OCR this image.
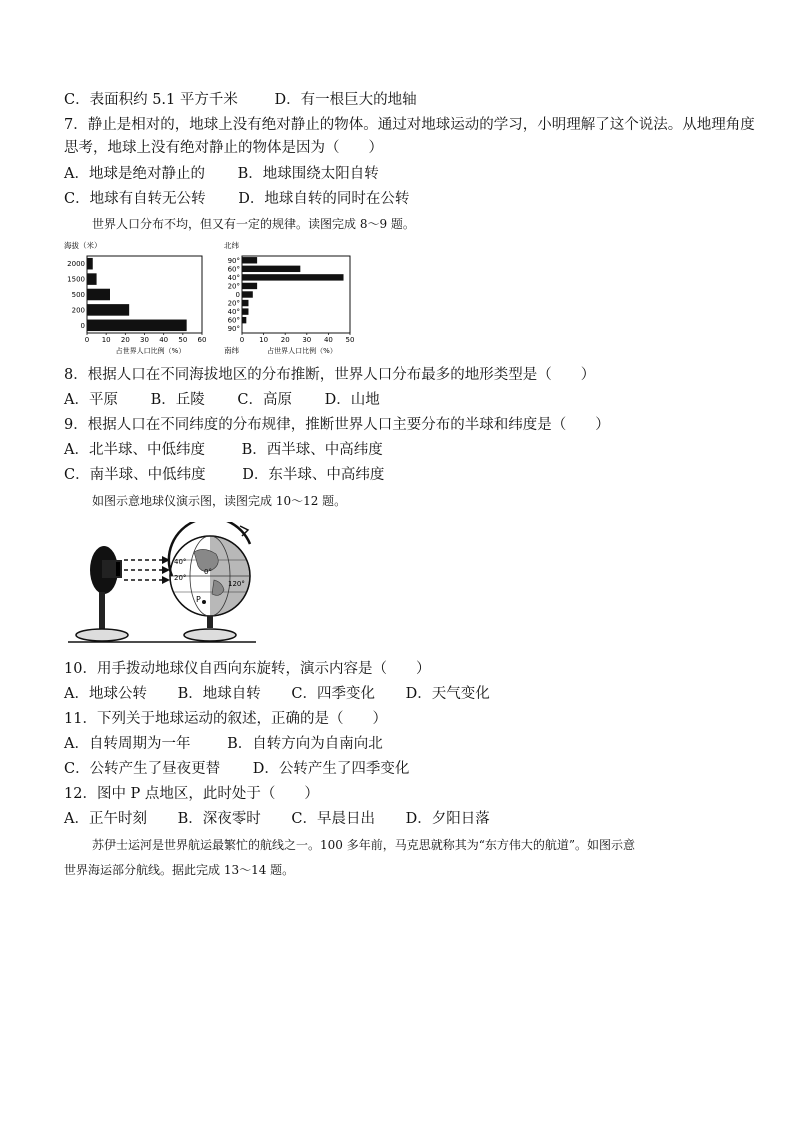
C．表面积约 5.1 平方千米	D．有一根巨大的地轴
7．静止是相对的，地球上没有绝对静止的物体。通过对地球运动的学习，小明理解了这个说法。从地理角度
思考，地球上没有绝对静止的物体是因为（　　）
A．地球是绝对静止的 B．地球围绕太阳自转
C．地球有自转无公转 D．地球自转的同时在公转
世界人口分布不均，但又有一定的规律。读图完成 8～9 题。
2000
1500
500
200
0
0 10 20 30 40 50 60
占世界人口比例（%）
海拔（米）
90°
60°
40°
20°
0
20°
40°
60°
90°
0 10 20 30 40 50
占世界人口比例（%）
北纬
南纬
8．根据人口在不同海拔地区的分布推断，世界人口分布最多的地形类型是（　　）
A．平原 B．丘陵 C．高原 D．山地
9．根据人口在不同纬度的分布规律，推断世界人口主要分布的半球和纬度是（　　）
A．北半球、中低纬度	B．西半球、中高纬度
C．南半球、中低纬度	D．东半球、中高纬度
如图示意地球仪演示图，读图完成 10～12 题。
40°
20°
0°
120°
P
10．用手拨动地球仪自西向东旋转，演示内容是（　　）
A．地球公转 B．地球自转 C．四季变化 D．天气变化
11．下列关于地球运动的叙述，正确的是（　　）
A．自转周期为一年	B．自转方向为自南向北
C．公转产生了昼夜更替 D．公转产生了四季变化
12．图中 P 点地区，此时处于（　　）
A．正午时刻 B．深夜零时 C．早晨日出 D．夕阳日落
苏伊士运河是世界航运最繁忙的航线之一。100 多年前，马克思就称其为“东方伟大的航道”。如图示意
世界海运部分航线。据此完成 13～14 题。
